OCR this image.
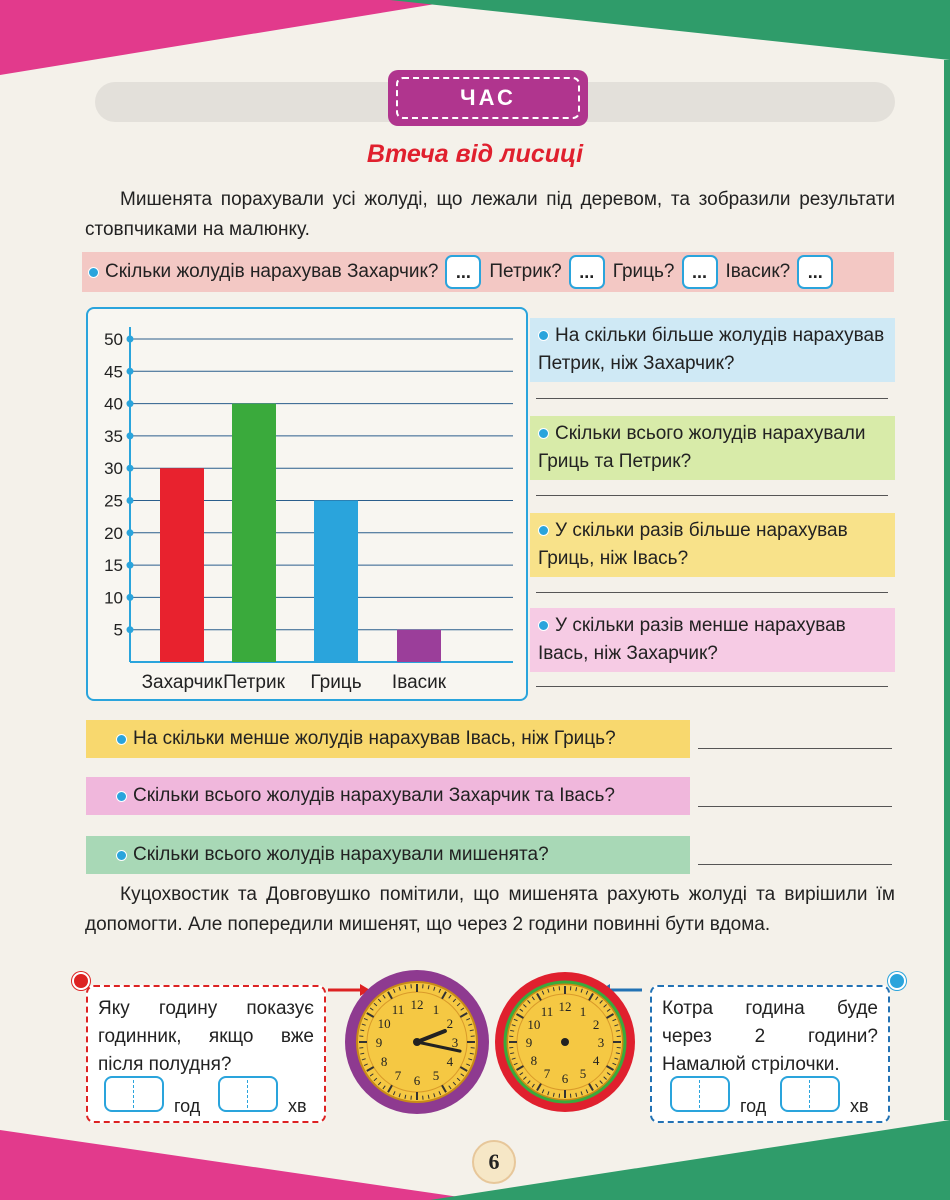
ЧАС
Втеча від лисиці
Мишенята порахували усі жолуді, що лежали під деревом, та зобразили результати стовпчиками на малюнку.
Скільки жолудів нарахував Захарчик? ... Петрик? ... Гриць? ... Івасик? ...
5
10
15
20
25
30
35
40
45
50
Захарчик Петрик Гриць Івасик
На скільки більше жолудів нарахував Петрик, ніж Захарчик?
Скільки всього жолудів нарахували Гриць та Петрик?
У скільки разів більше нарахував Гриць, ніж Івась?
У скільки разів менше нарахував Івась, ніж Захарчик?
На скільки менше жолудів нарахував Івась, ніж Гриць?
Скільки всього жолудів нарахували Захарчик та Івась?
Скільки всього жолудів нарахували мишенята?
Куцохвостик та Довговушко помітили, що мишенята рахують жолуді та вирішили їм допомогти. Але попередили мишенят, що через 2 години повинні бути вдома.
Яку годину показує годинник, якщо вже після полудня?
год	хв
Котра година буде через 2 години? Намалюй стрілочки.
год	хв
12 1
2
3
4
5
6
7
8
9
10
11	12 1
2
3
4
5
6
7
8
9
10
11
6
